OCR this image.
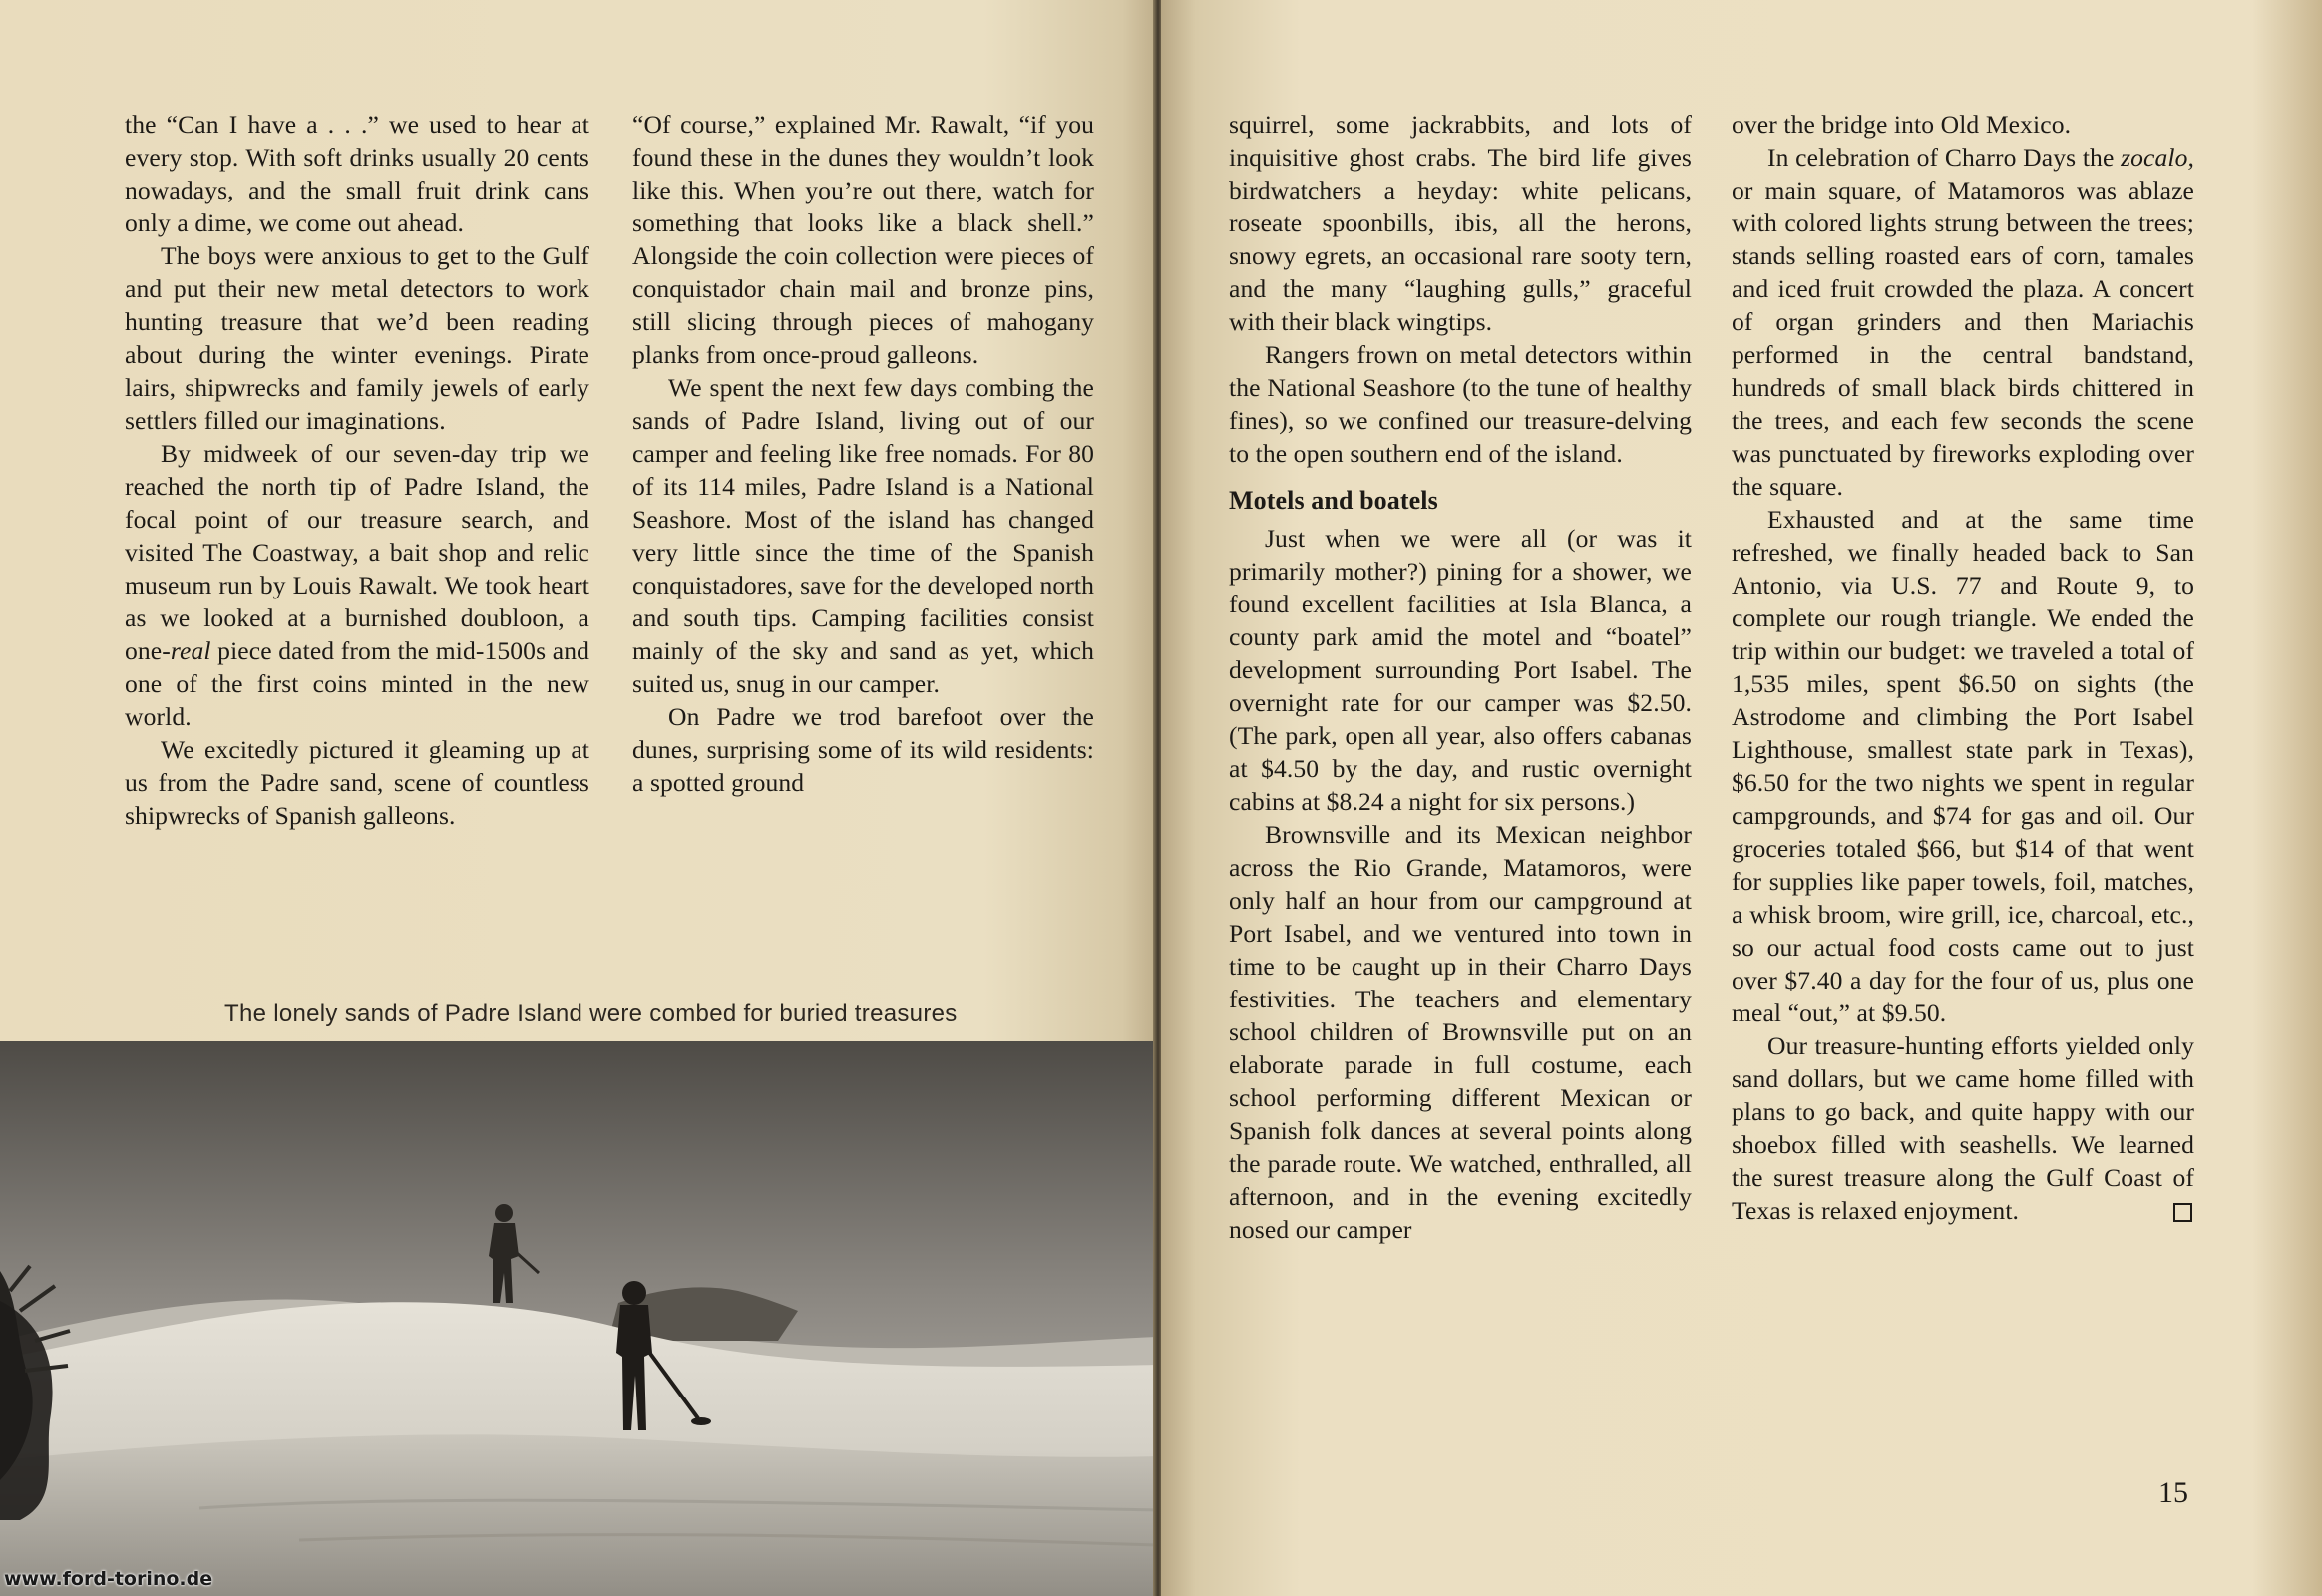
the “Can I have a . . .” we used to hear at every stop. With soft drinks usually 20 cents nowadays, and the small fruit drink cans only a dime, we come out ahead.

The boys were anxious to get to the Gulf and put their new metal detectors to work hunting treasure that we’d been reading about during the winter evenings. Pirate lairs, shipwrecks and family jewels of early settlers filled our imaginations.

By midweek of our seven-day trip we reached the north tip of Padre Island, the focal point of our treasure search, and visited The Coastway, a bait shop and relic museum run by Louis Rawalt. We took heart as we looked at a burnished doubloon, a one-real piece dated from the mid-1500s and one of the first coins minted in the new world.

We excitedly pictured it gleaming up at us from the Padre sand, scene of countless shipwrecks of Spanish galleons.

“Of course,” explained Mr. Rawalt, “if you found these in the dunes they wouldn’t look like this. When you’re out there, watch for something that looks like a black shell.” Alongside the coin collection were pieces of conquistador chain mail and bronze pins, still slicing through pieces of mahogany planks from once-proud galleons.

We spent the next few days combing the sands of Padre Island, living out of our camper and feeling like free nomads. For 80 of its 114 miles, Padre Island is a National Seashore. Most of the island has changed very little since the time of the Spanish conquistadores, save for the developed north and south tips. Camping facilities consist mainly of the sky and sand as yet, which suited us, snug in our camper.

On Padre we trod barefoot over the dunes, surprising some of its wild residents: a spotted ground

The lonely sands of Padre Island were combed for buried treasures
www.ford-torino.de

squirrel, some jackrabbits, and lots of inquisitive ghost crabs. The bird life gives birdwatchers a heyday: white pelicans, roseate spoonbills, ibis, all the herons, snowy egrets, an occasional rare sooty tern, and the many “laughing gulls,” graceful with their black wingtips.

Rangers frown on metal detectors within the National Seashore (to the tune of healthy fines), so we confined our treasure-delving to the open southern end of the island.

Motels and boatels

Just when we were all (or was it primarily mother?) pining for a shower, we found excellent facilities at Isla Blanca, a county park amid the motel and “boatel” development surrounding Port Isabel. The overnight rate for our camper was $2.50. (The park, open all year, also offers cabanas at $4.50 by the day, and rustic overnight cabins at $8.24 a night for six persons.)

Brownsville and its Mexican neighbor across the Rio Grande, Matamoros, were only half an hour from our campground at Port Isabel, and we ventured into town in time to be caught up in their Charro Days festivities. The teachers and elementary school children of Brownsville put on an elaborate parade in full costume, each school performing different Mexican or Spanish folk dances at several points along the parade route. We watched, enthralled, all afternoon, and in the evening excitedly nosed our camper

over the bridge into Old Mexico.

In celebration of Charro Days the zocalo, or main square, of Matamoros was ablaze with colored lights strung between the trees; stands selling roasted ears of corn, tamales and iced fruit crowded the plaza. A concert of organ grinders and then Mariachis performed in the central bandstand, hundreds of small black birds chittered in the trees, and each few seconds the scene was punctuated by fireworks exploding over the square.

Exhausted and at the same time refreshed, we finally headed back to San Antonio, via U.S. 77 and Route 9, to complete our rough triangle. We ended the trip within our budget: we traveled a total of 1,535 miles, spent $6.50 on sights (the Astrodome and climbing the Port Isabel Lighthouse, smallest state park in Texas), $6.50 for the two nights we spent in regular campgrounds, and $74 for gas and oil. Our groceries totaled $66, but $14 of that went for supplies like paper towels, foil, matches, a whisk broom, wire grill, ice, charcoal, etc., so our actual food costs came out to just over $7.40 a day for the four of us, plus one meal “out,” at $9.50.

Our treasure-hunting efforts yielded only sand dollars, but we came home filled with plans to go back, and quite happy with our shoebox filled with seashells. We learned the surest treasure along the Gulf Coast of Texas is relaxed enjoyment.

15
